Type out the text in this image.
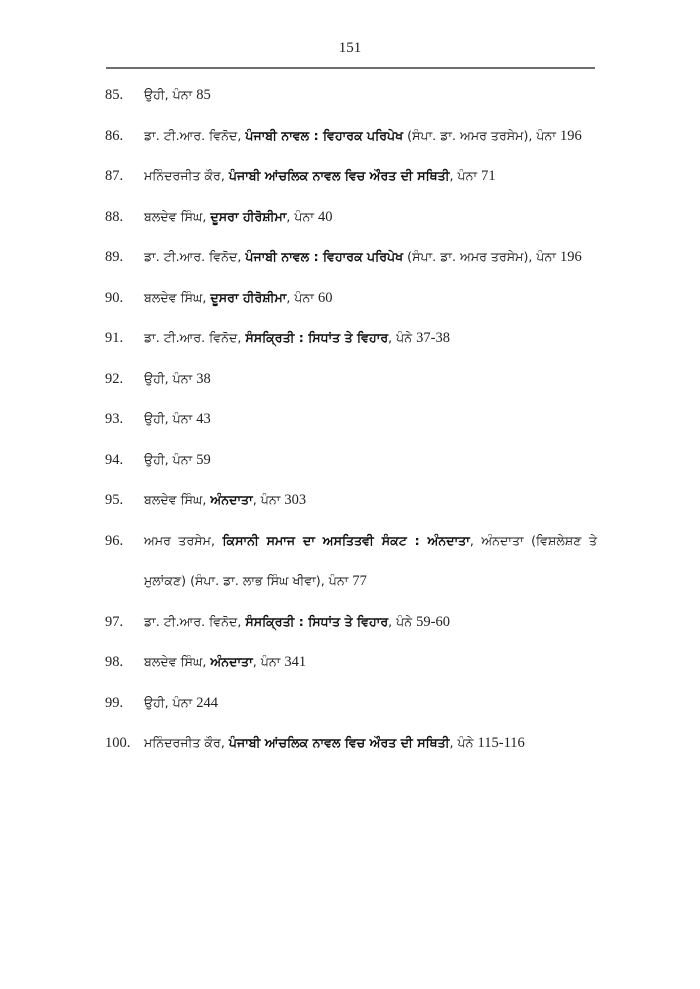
151
85.	ਉਹੀ, ਪੰਨਾ 85
86.	ਡਾ. ਟੀ.ਆਰ. ਵਿਨੋਦ, ਪੰਜਾਬੀ ਨਾਵਲ : ਵਿਹਾਰਕ ਪਰਿਪੇਖ (ਸੰਪਾ. ਡਾ. ਅਮਰ ਤਰਸੇਮ), ਪੰਨਾ 196
87.	ਮਨਿੰਦਰਜੀਤ ਕੌਰ, ਪੰਜਾਬੀ ਆਂਚਲਿਕ ਨਾਵਲ ਵਿਚ ਔਰਤ ਦੀ ਸਥਿਤੀ, ਪੰਨਾ 71
88.	ਬਲਦੇਵ ਸਿੰਘ, ਦੂਸਰਾ ਹੀਰੋਸ਼ੀਮਾ, ਪੰਨਾ 40
89.	ਡਾ. ਟੀ.ਆਰ. ਵਿਨੋਦ, ਪੰਜਾਬੀ ਨਾਵਲ : ਵਿਹਾਰਕ ਪਰਿਪੇਖ (ਸੰਪਾ. ਡਾ. ਅਮਰ ਤਰਸੇਮ), ਪੰਨਾ 196
90.	ਬਲਦੇਵ ਸਿੰਘ, ਦੂਸਰਾ ਹੀਰੋਸ਼ੀਮਾ, ਪੰਨਾ 60
91.	ਡਾ. ਟੀ.ਆਰ. ਵਿਨੋਦ, ਸੰਸਕ੍ਰਿਤੀ : ਸਿਧਾਂਤ ਤੇ ਵਿਹਾਰ, ਪੰਨੇ 37-38
92.	ਉਹੀ, ਪੰਨਾ 38
93.	ਉਹੀ, ਪੰਨਾ 43
94.	ਉਹੀ, ਪੰਨਾ 59
95.	ਬਲਦੇਵ ਸਿੰਘ, ਅੰਨਦਾਤਾ, ਪੰਨਾ 303
96.	ਅਮਰ ਤਰਸੇਮ, ਕਿਸਾਨੀ ਸਮਾਜ ਦਾ ਅਸਤਿਤਵੀ ਸੰਕਟ : ਅੰਨਦਾਤਾ, ਅੰਨਦਾਤਾ (ਵਿਸ਼ਲੇਸ਼ਣ ਤੇ ਮੁਲਾਂਕਣ) (ਸੰਪਾ. ਡਾ. ਲਾਭ ਸਿੰਘ ਖੀਵਾ), ਪੰਨਾ 77
97.	ਡਾ. ਟੀ.ਆਰ. ਵਿਨੋਦ, ਸੰਸਕ੍ਰਿਤੀ : ਸਿਧਾਂਤ ਤੇ ਵਿਹਾਰ, ਪੰਨੇ 59-60
98.	ਬਲਦੇਵ ਸਿੰਘ, ਅੰਨਦਾਤਾ, ਪੰਨਾ 341
99.	ਉਹੀ, ਪੰਨਾ 244
100.	ਮਨਿੰਦਰਜੀਤ ਕੌਰ, ਪੰਜਾਬੀ ਆਂਚਲਿਕ ਨਾਵਲ ਵਿਚ ਔਰਤ ਦੀ ਸਥਿਤੀ, ਪੰਨੇ 115-116
